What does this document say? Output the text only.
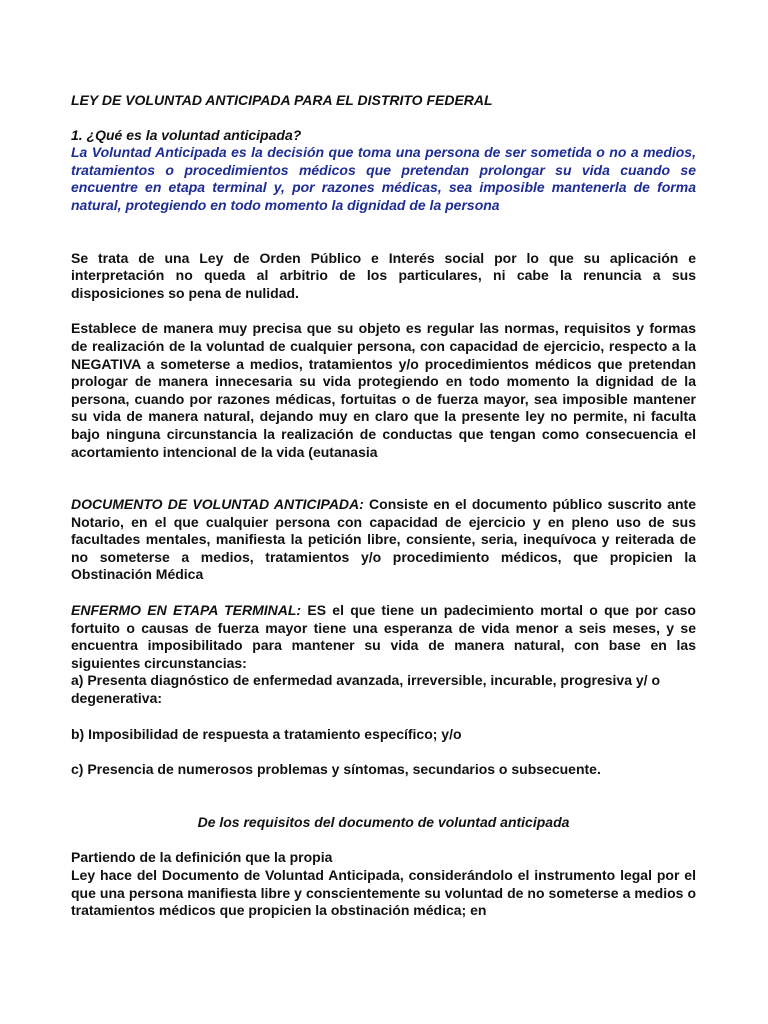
LEY DE VOLUNTAD ANTICIPADA PARA EL DISTRITO FEDERAL

1. ¿Qué es la voluntad anticipada?

La Voluntad Anticipada es la decisión que toma una persona de ser sometida o no a medios, tratamientos o procedimientos médicos que pretendan prolongar su vida cuando se encuentre en etapa terminal y, por razones médicas, sea imposible mantenerla de forma natural, protegiendo en todo momento la dignidad de la persona

Se trata de una Ley de Orden Público e Interés social por lo que su aplicación e interpretación no queda al arbitrio de los particulares, ni cabe la renuncia a sus disposiciones so pena de nulidad.

Establece de manera muy precisa que su objeto es regular las normas, requisitos y formas de realización de la voluntad de cualquier persona, con capacidad de ejercicio, respecto a la NEGATIVA a someterse a medios, tratamientos y/o procedimientos médicos que pretendan prologar de manera innecesaria su vida protegiendo en todo momento la dignidad de la persona, cuando por razones médicas, fortuitas o de fuerza mayor, sea imposible mantener su vida de manera natural, dejando muy en claro que la presente ley no permite, ni faculta bajo ninguna circunstancia la realización de conductas que tengan como consecuencia el acortamiento intencional de la vida (eutanasia

DOCUMENTO DE VOLUNTAD ANTICIPADA: Consiste en el documento público suscrito ante Notario, en el que cualquier persona con capacidad de ejercicio y en pleno uso de sus facultades mentales, manifiesta la petición libre, consiente, seria, inequívoca y reiterada de no someterse a medios, tratamientos y/o procedimiento médicos, que propicien la Obstinación Médica

ENFERMO EN ETAPA TERMINAL: ES el que tiene un padecimiento mortal o que por caso fortuito o causas de fuerza mayor tiene una esperanza de vida menor a seis meses, y se encuentra imposibilitado para mantener su vida de manera natural, con base en las siguientes circunstancias:

a) Presenta diagnóstico de enfermedad avanzada, irreversible, incurable, progresiva y/ o degenerativa:

b) Imposibilidad de respuesta a tratamiento específico; y/o

c) Presencia de numerosos problemas y síntomas, secundarios o subsecuente.

De los requisitos del documento de voluntad anticipada

Partiendo de la definición que la propia

Ley hace del Documento de Voluntad Anticipada, considerándolo el instrumento legal por el que una persona manifiesta libre y conscientemente su voluntad de no someterse a medios o tratamientos médicos que propicien la obstinación médica; en
